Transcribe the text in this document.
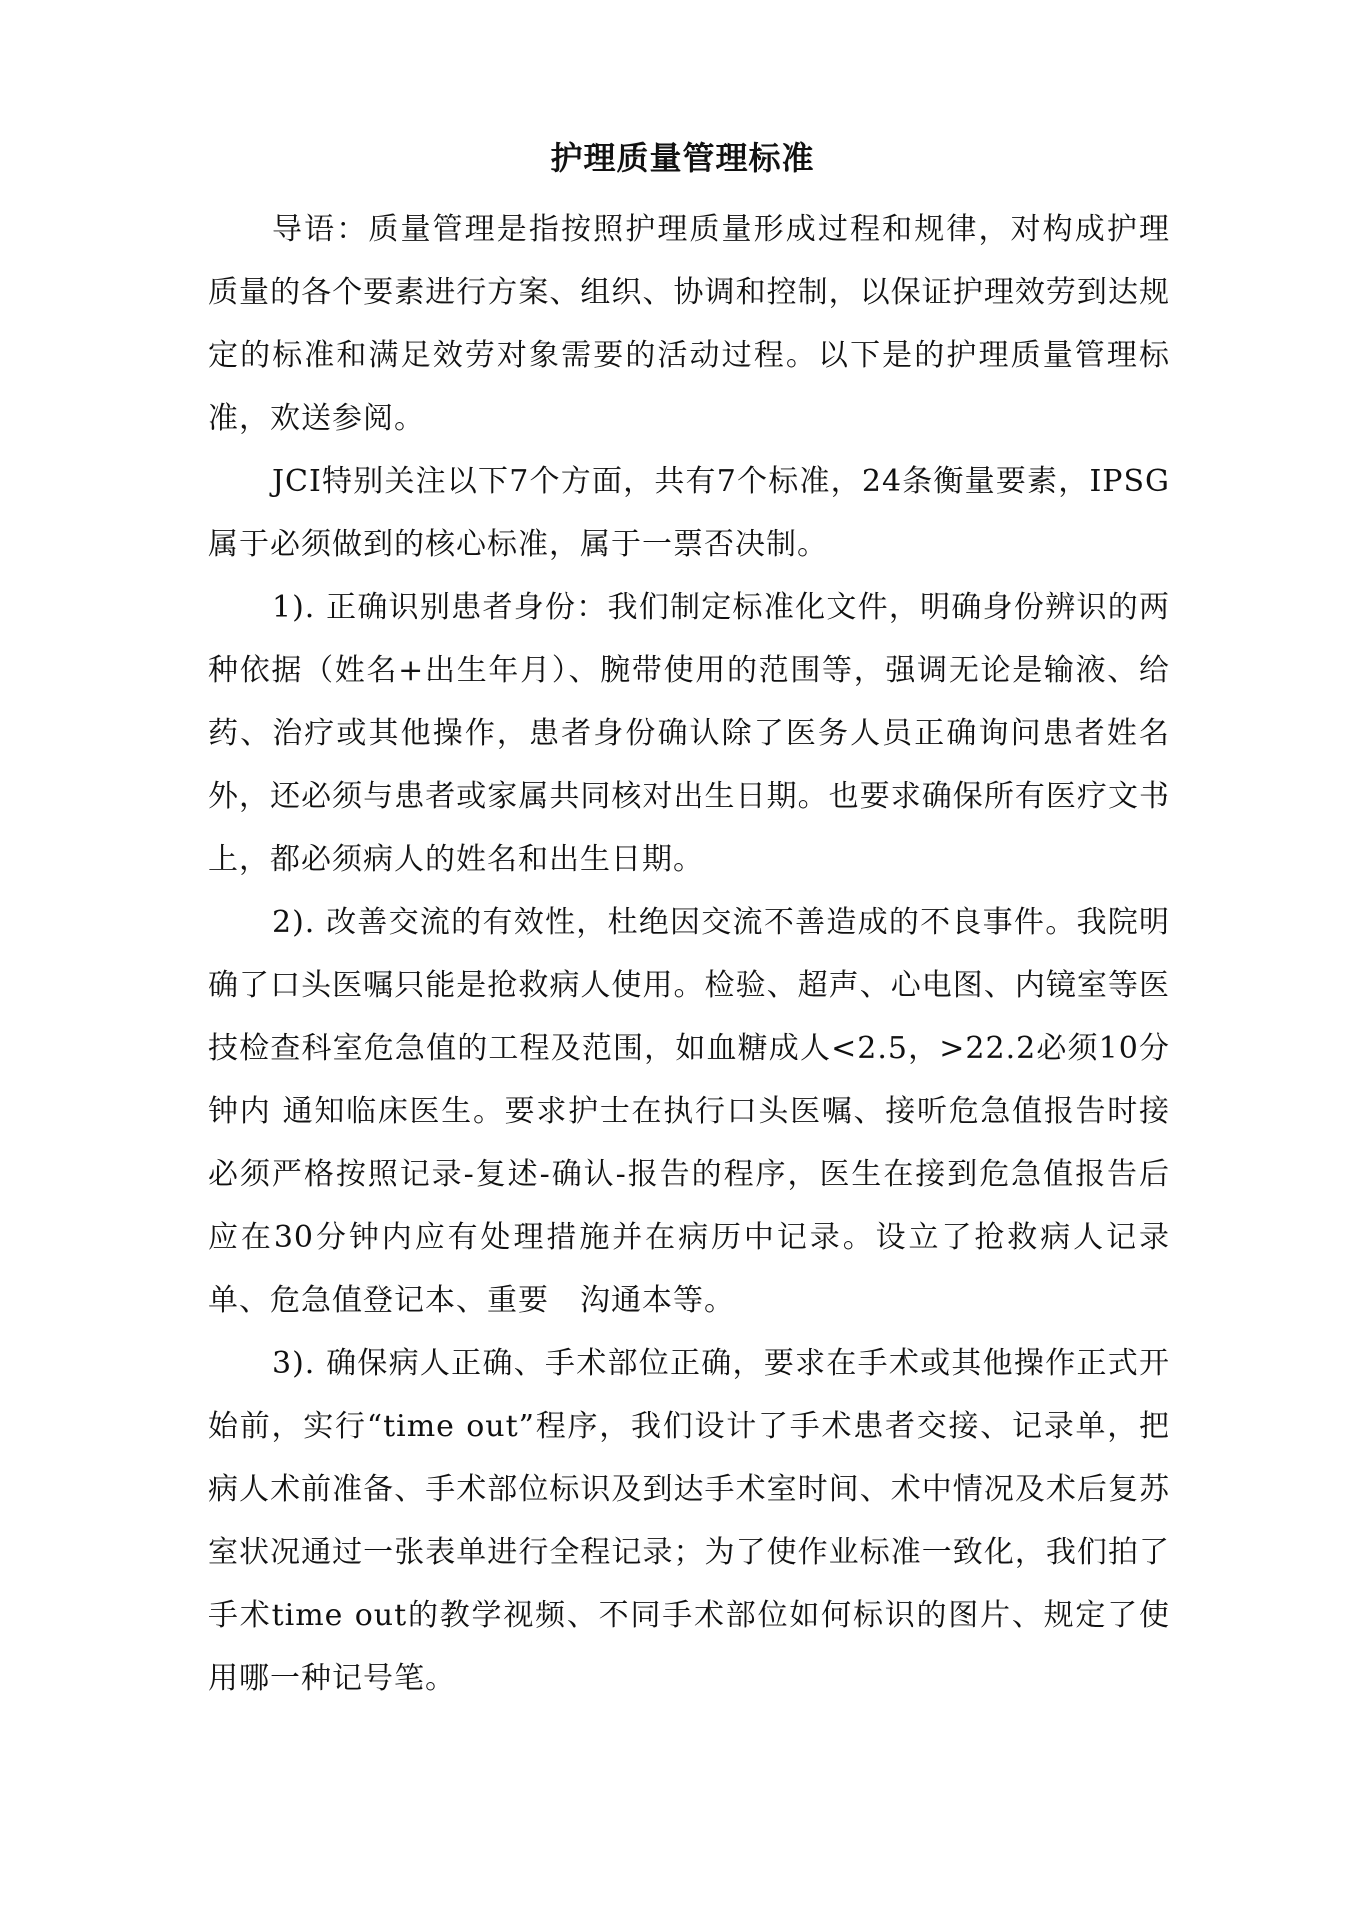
护理质量管理标准

导语：质量管理是指按照护理质量形成过程和规律，对构成护理质量的各个要素进行方案、组织、协调和控制，以保证护理效劳到达规定的标准和满足效劳对象需要的活动过程。以下是的护理质量管理标准，欢送参阅。

JCI特别关注以下7个方面，共有7个标准，24条衡量要素，IPSG属于必须做到的核心标准，属于一票否决制。

1). 正确识别患者身份：我们制定标准化文件，明确身份辨识的两种依据（姓名+出生年月）、腕带使用的范围等，强调无论是输液、给药、治疗或其他操作，患者身份确认除了医务人员正确询问患者姓名外，还必须与患者或家属共同核对出生日期。也要求确保所有医疗文书上，都必须病人的姓名和出生日期。

2). 改善交流的有效性，杜绝因交流不善造成的不良事件。我院明确了口头医嘱只能是抢救病人使用。检验、超声、心电图、内镜室等医技检查科室危急值的工程及范围，如血糖成人<2.5，>22.2必须10分钟内 通知临床医生。要求护士在执行口头医嘱、接听危急值报告时接必须严格按照记录-复述-确认-报告的程序，医生在接到危急值报告后应在30分钟内应有处理措施并在病历中记录。设立了抢救病人记录单、危急值登记本、重要　沟通本等。

3). 确保病人正确、手术部位正确，要求在手术或其他操作正式开始前，实行“time out”程序，我们设计了手术患者交接、记录单，把病人术前准备、手术部位标识及到达手术室时间、术中情况及术后复苏室状况通过一张表单进行全程记录；为了使作业标准一致化，我们拍了手术time out的教学视频、不同手术部位如何标识的图片、规定了使用哪一种记号笔。
